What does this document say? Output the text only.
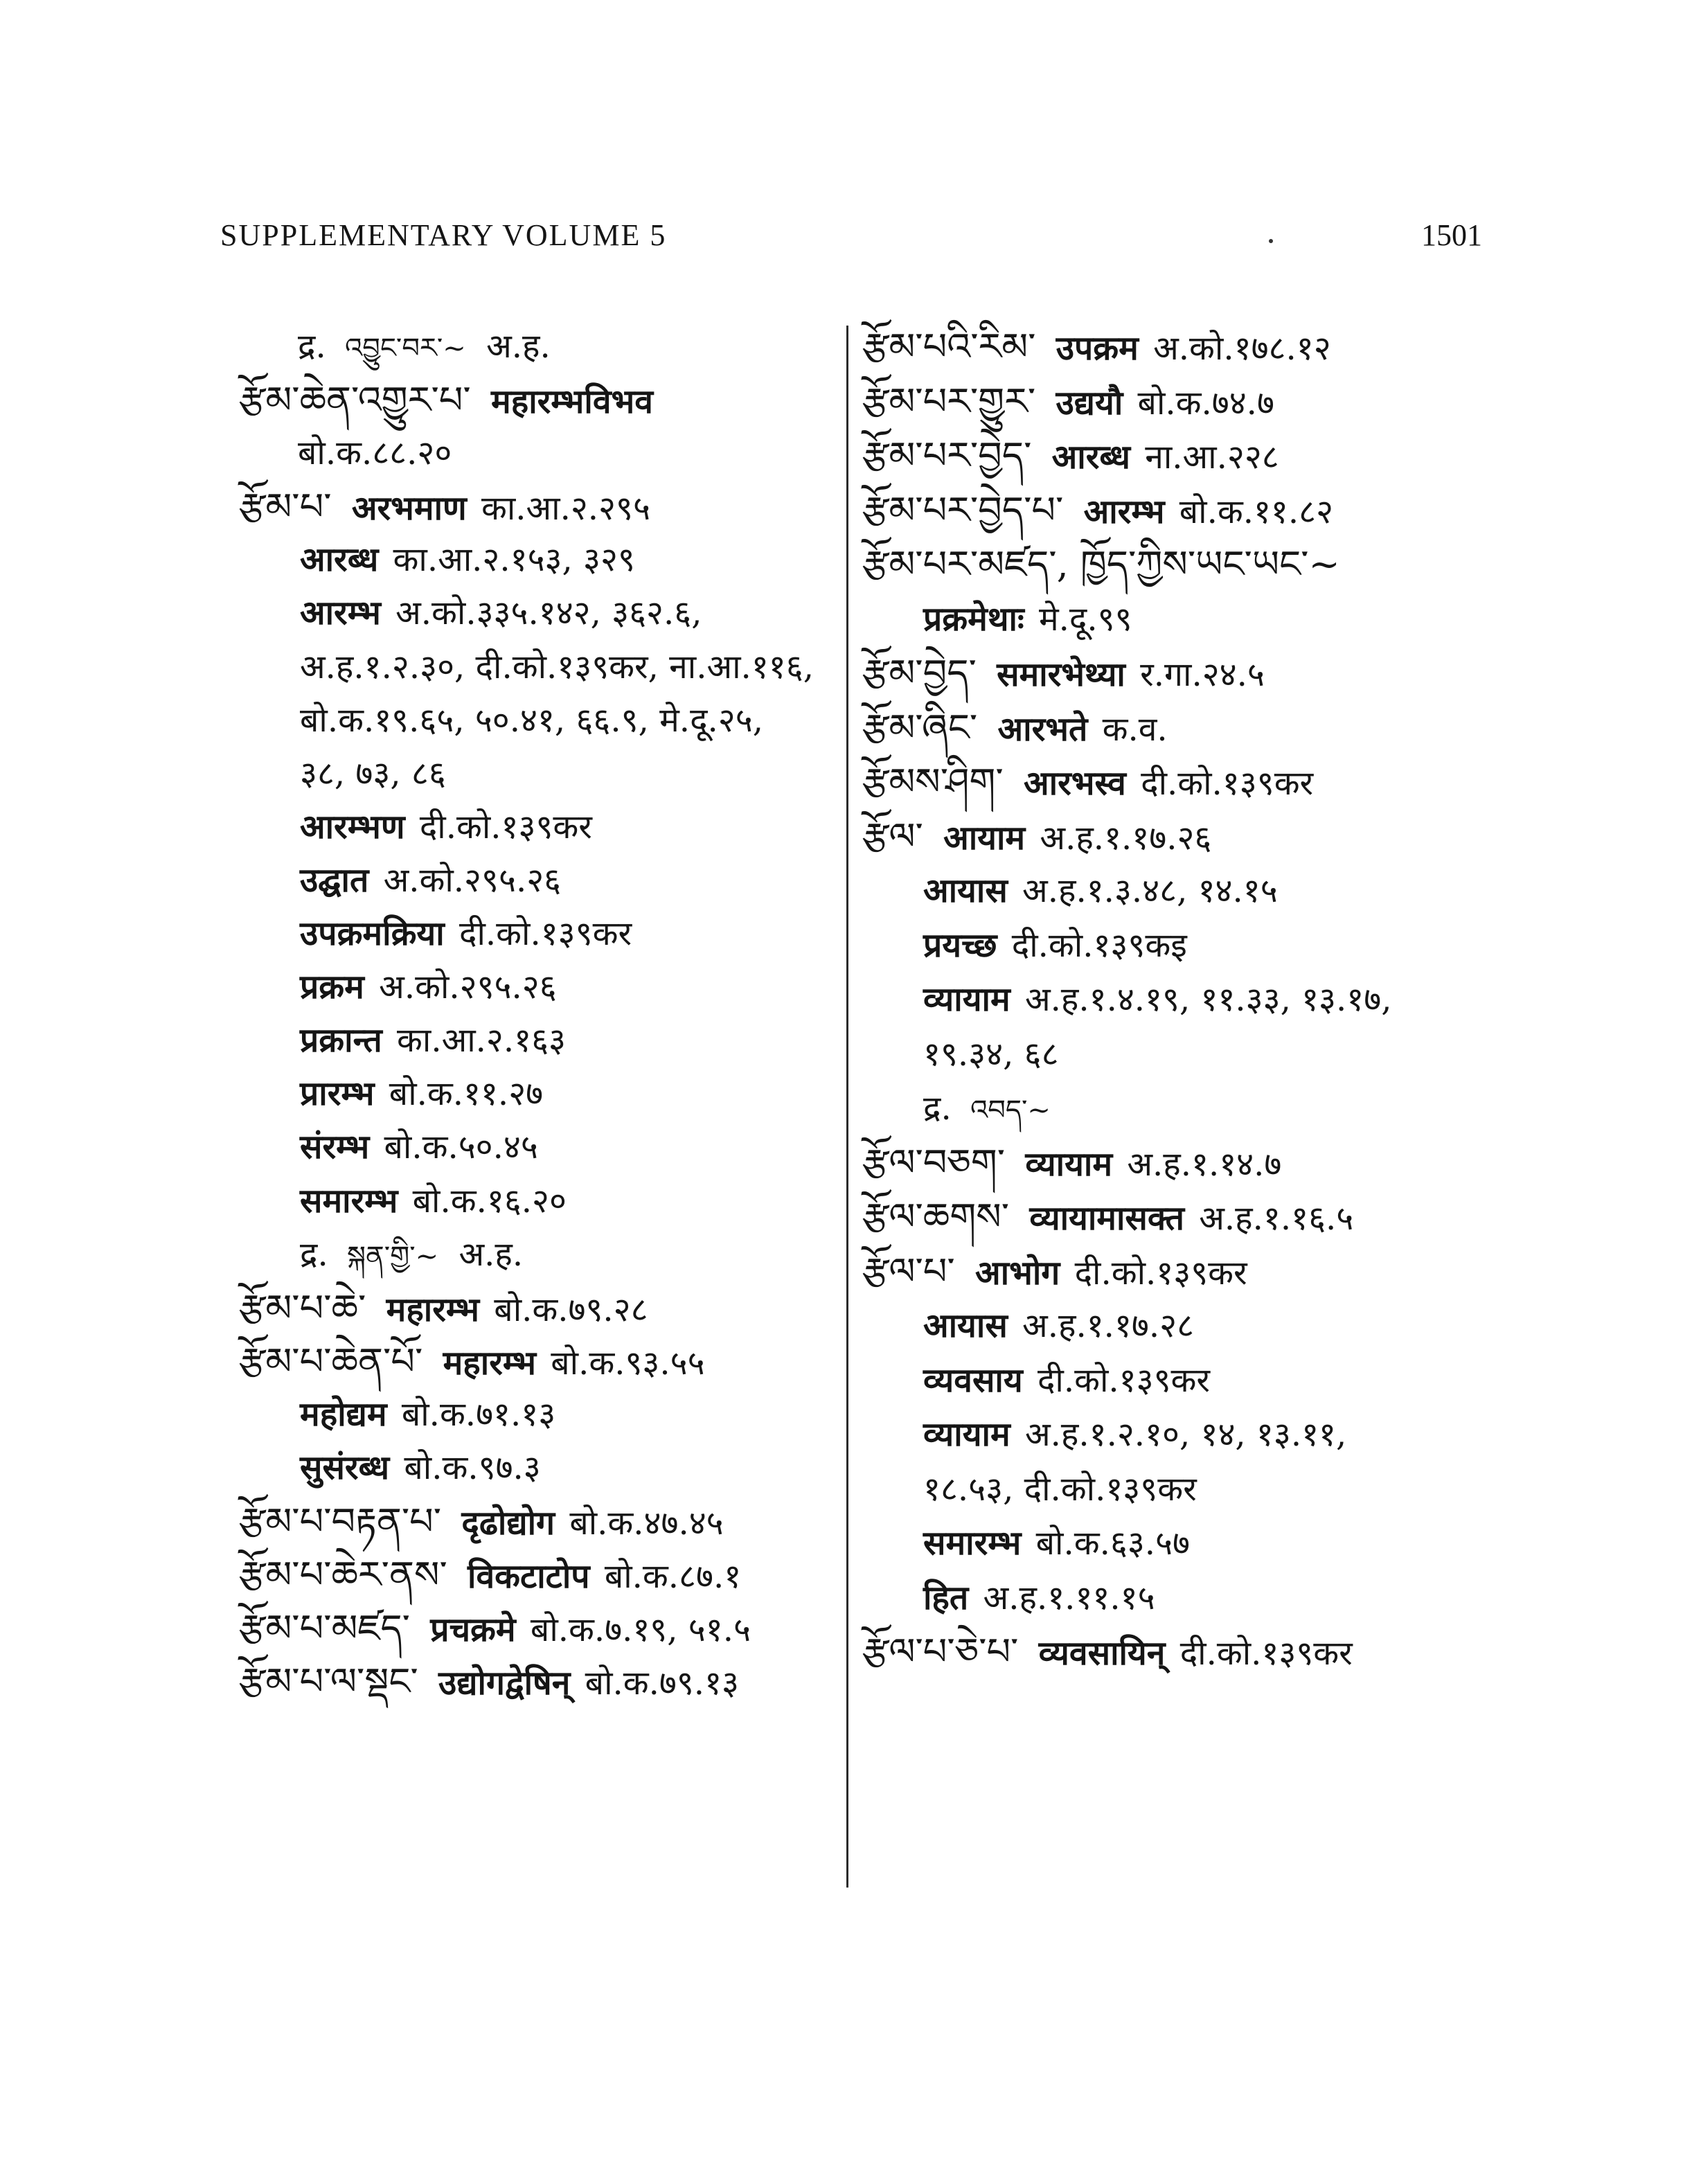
SUPPLEMENTARY VOLUME 5	1501
द्र. འབྱུང་བར་~ अ.ह.
རྩོམ་ཆེན་འགྱུར་པ་ महारम्भविभव
बो.क.८८.२०
རྩོམ་པ་ अरभमाण का.आ.२.२९५
आरब्ध का.आ.२.१५३, ३२९
आरम्भ अ.को.३३५.१४२, ३६२.६,
अ.ह.१.२.३०, दी.को.१३९कर, ना.आ.११६,
बो.क.१९.६५, ५०.४१, ६६.९, मे.दू.२५,
३८, ७३, ८६
आरम्भण दी.को.१३९कर
उद्घात अ.को.२९५.२६
उपक्रमक्रिया दी.को.१३९कर
प्रक्रम अ.को.२९५.२६
प्रक्रान्त का.आ.२.१६३
प्रारम्भ बो.क.११.२७
संरम्भ बो.क.५०.४५
समारम्भ बो.क.१६.२०
द्र. སྐན་གྱི་~ अ.ह.
རྩོམ་པ་ཆེ་ महारम्भ बो.क.७९.२८
རྩོམ་པ་ཆེན་པོ་ महारम्भ बो.क.९३.५५
महोद्यम बो.क.७१.१३
सुसंरब्ध बो.क.९७.३
རྩོམ་པ་བརྟན་པ་ दृढोद्योग बो.क.४७.४५
རྩོམ་པ་ཆེར་ནས་ विकटाटोप बो.क.८७.१
རྩོམ་པ་མཛད་ प्रचक्रमे बो.क.७.१९, ५१.५
རྩོམ་པ་ལ་སྡང་ उद्योगद्वेषिन् बो.क.७९.१३
རྩོམ་པའི་རིམ་ उपक्रम अ.को.१७८.१२
རྩོམ་པར་གྱུར་ उद्ययौ बो.क.७४.७
རྩོམ་པར་བྱེད་ आरब्ध ना.आ.२२८
རྩོམ་པར་བྱེད་པ་ आरम्भ बो.क.११.८२
རྩོམ་པར་མཛད་, ཁྱོད་ཀྱིས་ཡང་ཡང་~
प्रक्रमेथाः मे.दू.९९
རྩོམ་བྱེད་ समारभेथ्या र.गा.२४.५
རྩོམ་ཞིང་ आरभते क.व.
རྩོམས་ཤིག་ आरभस्व दी.को.१३९कर
རྩོལ་ आयाम अ.ह.१.१७.२६
आयास अ.ह.१.३.४८, १४.१५
प्रयच्छ दी.को.१३९कइ
व्यायाम अ.ह.१.४.१९, ११.३३, १३.१७,
१९.३४, ६८
द्र. འབད་~
རྩོལ་བཅག་ व्यायाम अ.ह.१.१४.७
རྩོལ་ཆགས་ व्यायामासक्त अ.ह.१.१६.५
རྩོལ་པ་ आभोग दी.को.१३९कर
आयास अ.ह.१.१७.२८
व्यवसाय दी.को.१३९कर
व्यायाम अ.ह.१.२.१०, १४, १३.११,
१८.५३, दी.को.१३९कर
समारम्भ बो.क.६३.५७
हित अ.ह.१.११.१५
རྩོལ་པ་ཅེ་པ་ व्यवसायिन् दी.को.१३९कर
